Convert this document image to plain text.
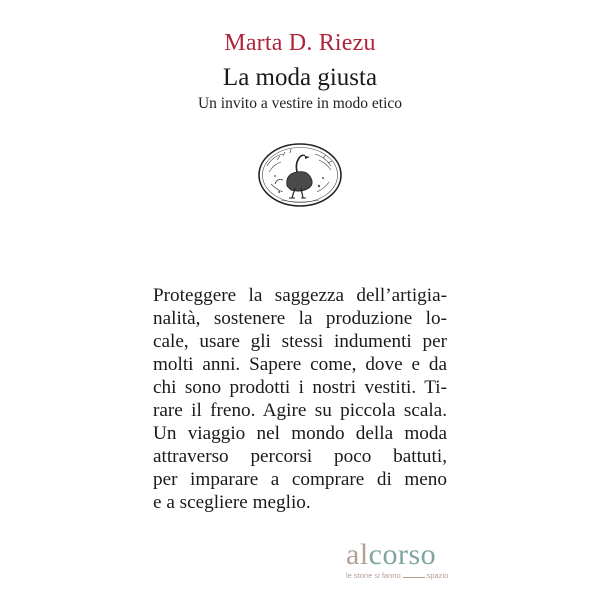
Marta D. Riezu
La moda giusta
Un invito a vestire in modo etico
Proteggere la saggezza dell’artigia-
nalità, sostenere la produzione lo-
cale, usare gli stessi indumenti per
molti anni. Sapere come, dove e da
chi sono prodotti i nostri vestiti. Ti-
rare il freno. Agire su piccola scala.
Un viaggio nel mondo della moda
attraverso percorsi poco battuti,
per imparare a comprare di meno
e a scegliere meglio.
alcorso
le storie si fanno	spazio
